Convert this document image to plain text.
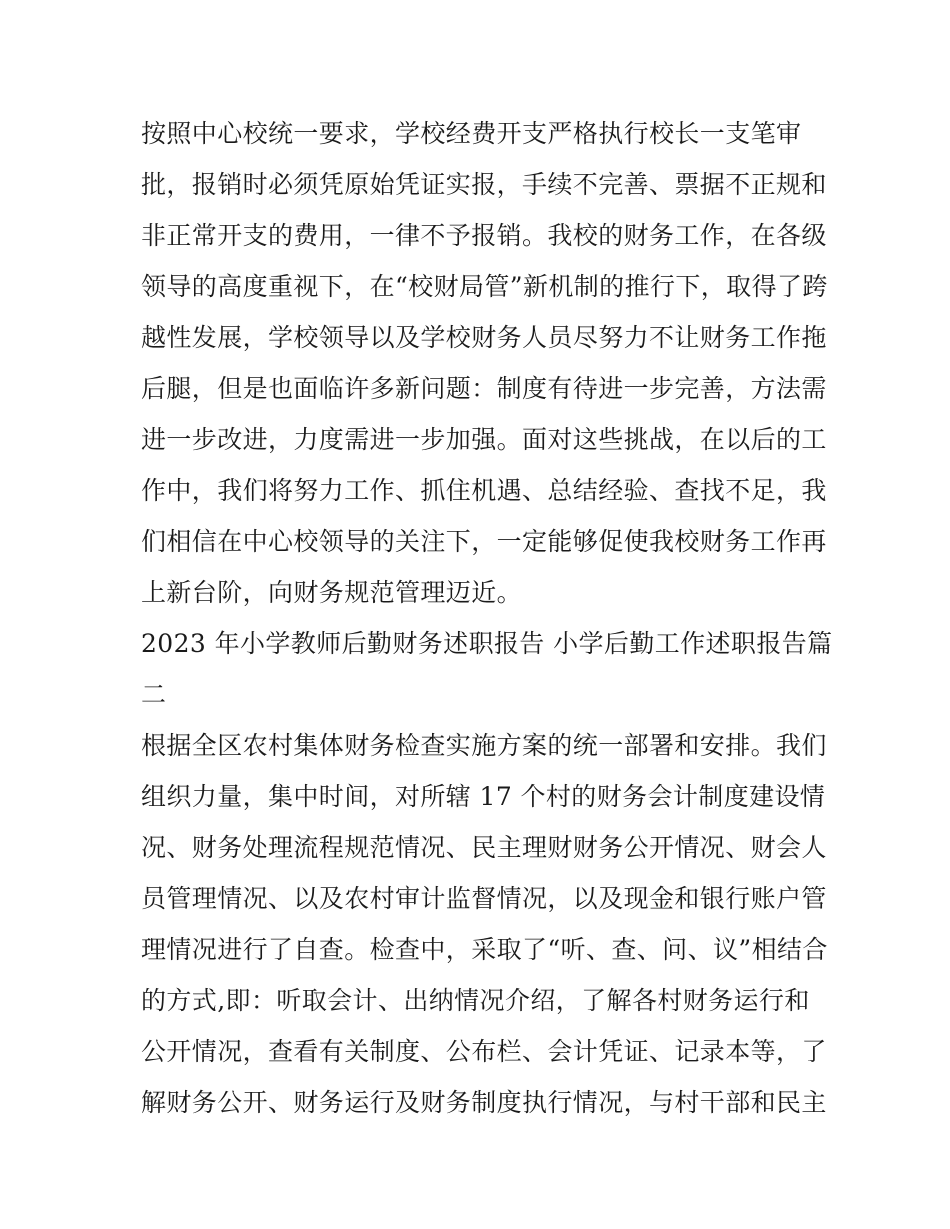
按照中心校统一要求，学校经费开支严格执行校长一支笔审
批，报销时必须凭原始凭证实报，手续不完善、票据不正规和
非正常开支的费用，一律不予报销。我校的财务工作，在各级
领导的高度重视下，在“校财局管”新机制的推行下，取得了跨
越性发展，学校领导以及学校财务人员尽努力不让财务工作拖
后腿，但是也面临许多新问题：制度有待进一步完善，方法需
进一步改进，力度需进一步加强。面对这些挑战，在以后的工
作中，我们将努力工作、抓住机遇、总结经验、查找不足，我
们相信在中心校领导的关注下，一定能够促使我校财务工作再
上新台阶，向财务规范管理迈近。
2023 年小学教师后勤财务述职报告 小学后勤工作述职报告篇
二
根据全区农村集体财务检查实施方案的统一部署和安排。我们
组织力量，集中时间，对所辖 17 个村的财务会计制度建设情
况、财务处理流程规范情况、民主理财财务公开情况、财会人
员管理情况、以及农村审计监督情况，以及现金和银行账户管
理情况进行了自查。检查中，采取了“听、查、问、议”相结合
的方式,即：听取会计、出纳情况介绍，了解各村财务运行和
公开情况，查看有关制度、公布栏、会计凭证、记录本等，了
解财务公开、财务运行及财务制度执行情况，与村干部和民主
